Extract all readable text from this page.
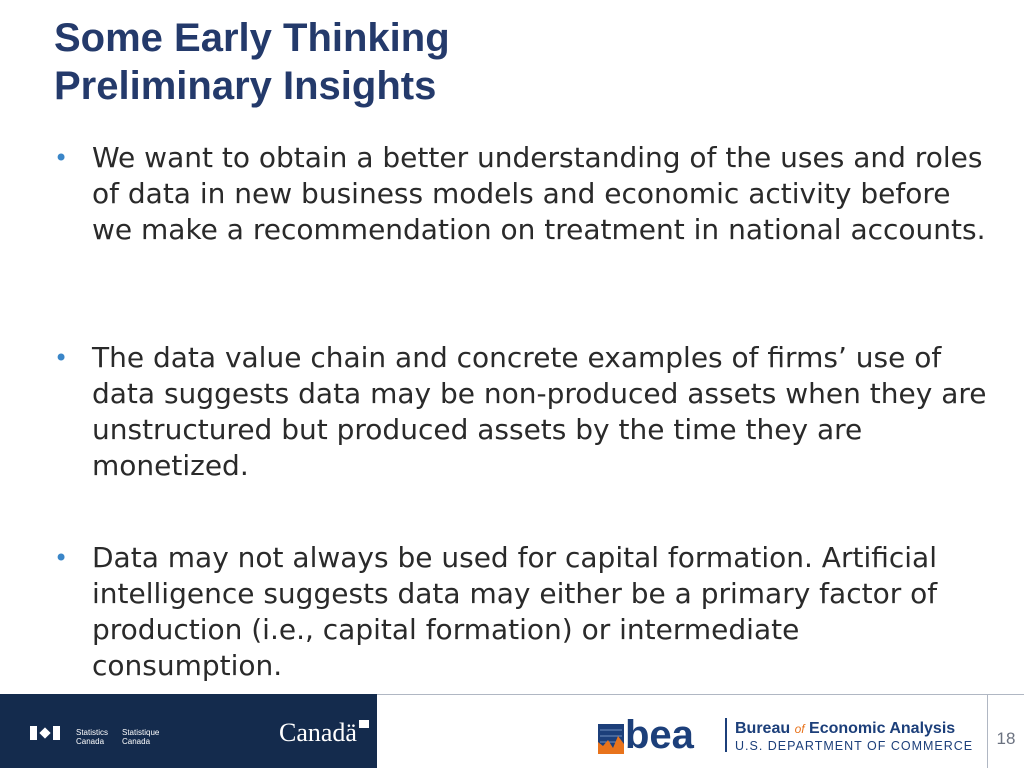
Some Early Thinking
Preliminary Insights
• We want to obtain a better understanding of the uses and roles of data in new business models and economic activity before we make a recommendation on treatment in national accounts.
• The data value chain and concrete examples of firms’ use of data suggests data may be non-produced assets when they are unstructured but produced assets by the time they are monetized.
• Data may not always be used for capital formation. Artificial intelligence suggests data may either be a primary factor of production (i.e., capital formation) or intermediate consumption.
Statistics
Canada
Statistique
Canada	Canadä	bea	Bureau of Economic Analysis
U.S. DEPARTMENT OF COMMERCE	18
